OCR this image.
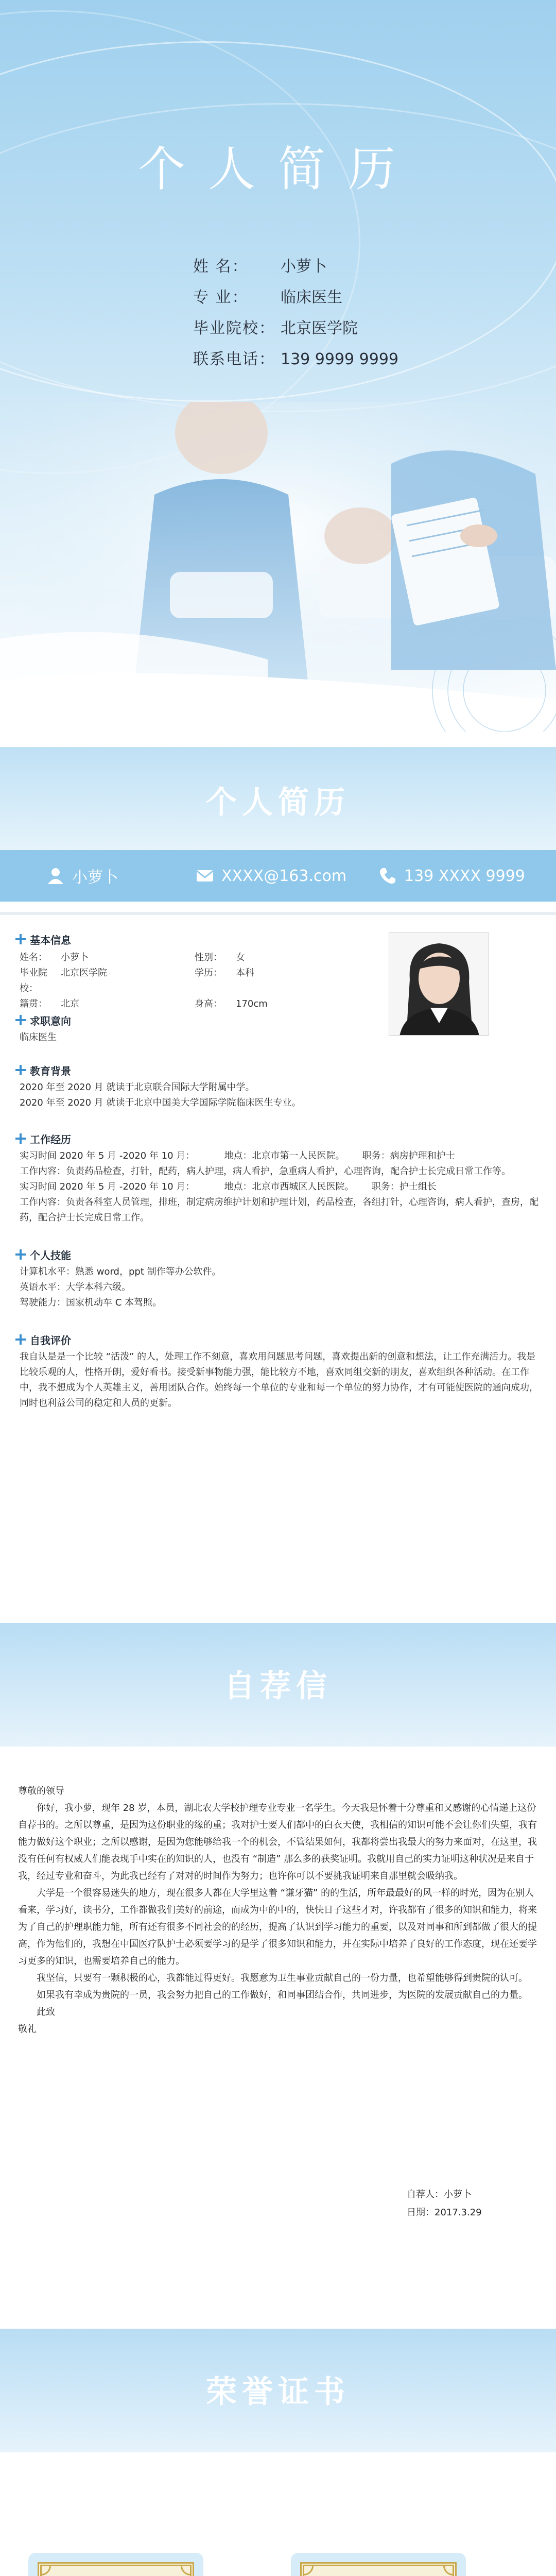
个人简历
姓 名：	小萝卜
专 业：	临床医生
毕业院校： 北京医学院
联系电话： 139 9999 9999
个人简历
小萝卜	XXXX@163.com	139 XXXX 9999
基本信息
姓名：	小萝卜	性别：	女
毕业院校：
北京医学院	学历：	本科
籍贯：	北京	身高：	170cm
求职意向
临床医生
教育背景
2020 年至 2020 月 就读于北京联合国际大学附属中学。
2020 年至 2020 月 就读于北京中国美大学国际学院临床医生专业。
工作经历
实习时间 2020 年 5 月 -2020 年 10 月：          地点：北京市第一人民医院。      职务：病房护理和护士
工作内容：负责药品检查，打针，配药，病人护理，病人看护，急重病人看护，心理咨询，配合护士长完成日常工作等。
实习时间 2020 年 5 月 -2020 年 10 月：          地点：北京市西城区人民医院。      职务：护士组长
工作内容：负责各科室人员管理，排班，制定病房维护计划和护理计划，药品检查，各组打针，心理咨询，病人看护，查房，配药，配合护士长完成日常工作。
个人技能
计算机水平：熟悉 word，ppt 制作等办公软件。
英语水平：大学本科六级。
驾驶能力：国家机动车 C 本驾照。
自我评价
我自认是是一个比较 “活泼” 的人，处理工作不刻意，喜欢用问题思考问题，喜欢提出新的创意和想法，让工作充满活力。我是比较乐观的人，性格开朗，爱好看书。接受新事物能力强，能比较方不地，喜欢同组交新的朋友，喜欢组织各种活动。在工作中，我不想成为个人英雄主义，善用团队合作。始终每一个单位的专业和每一个单位的努力协作，才有可能使医院的通向成功，同时也利益公司的稳定和人员的更新。
自荐信

尊敬的领导

你好，我小萝，现年 28 岁，本员，湖北农大学校护理专业专业一名学生。今天我是怀着十分尊重和又感谢的心情递上这份自荐书的。之所以尊重，是因为这份职业的缘的重；我对护士要人们都中的白衣天使，我相信的知识可能不会让你们失望，我有能力做好这个职业；之所以感谢，是因为您能够给我一个的机会，不管结果如何，我都将尝出我最大的努力来面对，在这里，我没有任何有权威人们能表现手中实在的知识的人，也没有 “制造” 那么多的获奖证明。我就用自己的实力证明这种状况是来自于我，经过专业和奋斗，为此我已经有了对对的时间作为努力；也许你可以不要挑我证明来自那里就会吸纳我。

大学是一个很容易迷失的地方，现在很多人都在大学里这着 “谦牙猫” 的的生活，所年最最好的风一样的时光，因为在别人看来，学习好，读书分，工作都做我们美好的前途，而成为中的中的，快快日子这些才对，许我都有了很多的知识和能力，将来为了自己的护理职能力能，所有还有很多不同社会的的经历，提高了认识到学习能力的重要，以及对同事和所到都做了很大的提高，作为他们的，我想在中国医疗队护士必须要学习的是学了很多知识和能力，并在实际中培养了良好的工作态度，现在还要学习更多的知识，也需要培养自己的能力。

我坚信，只要有一颗积极的心，我都能过得更好。我愿意为卫生事业贡献自己的一份力量，也希望能够得到贵院的认可。

如果我有幸成为贵院的一员，我会努力把自己的工作做好，和同事团结合作，共同进步，为医院的发展贡献自己的力量。

此致

敬礼

自荐人：小萝卜
日期：2017.3.29
荣誉证书
